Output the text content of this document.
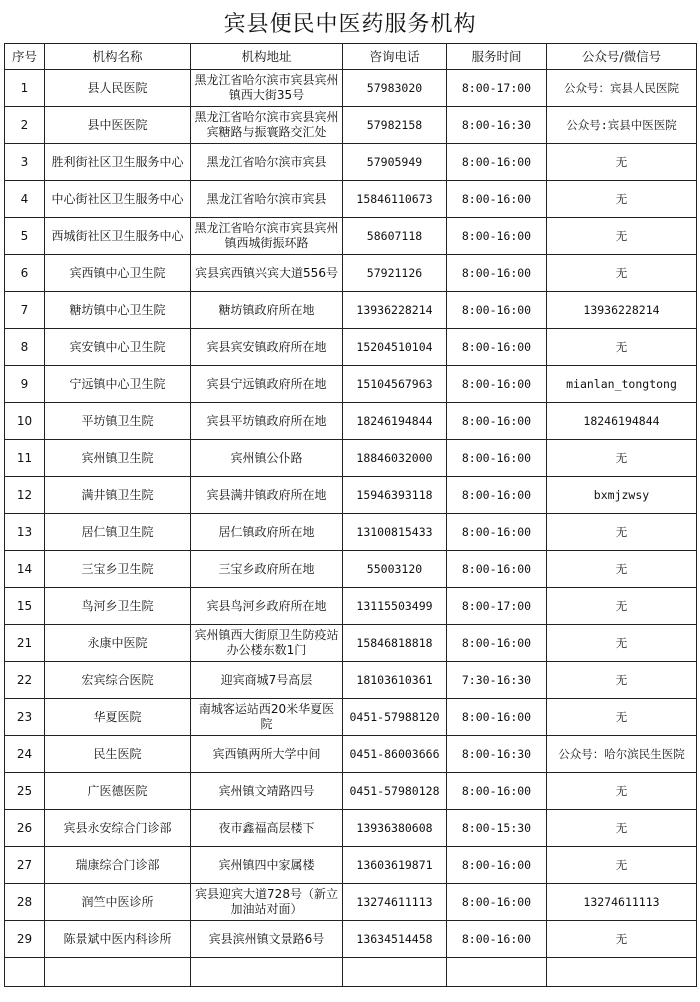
宾县便民中医药服务机构
序号	机构名称	机构地址	咨询电话	服务时间	公众号/微信号
1	县人民医院	黑龙江省哈尔滨市宾县宾州镇西大街35号	57983020	8:00-17:00	公众号：宾县人民医院
2	县中医医院	黑龙江省哈尔滨市宾县宾州宾糖路与振寰路交汇处	57982158	8:00-16:30	公众号:宾县中医医院
3	胜利街社区卫生服务中心	黑龙江省哈尔滨市宾县	57905949	8:00-16:00	无
4	中心街社区卫生服务中心	黑龙江省哈尔滨市宾县	15846110673	8:00-16:00	无
5	西城街社区卫生服务中心	黑龙江省哈尔滨市宾县宾州镇西城街振环路	58607118	8:00-16:00	无
6	宾西镇中心卫生院	宾县宾西镇兴宾大道556号	57921126	8:00-16:00	无
7	糖坊镇中心卫生院	糖坊镇政府所在地	13936228214	8:00-16:00	13936228214
8	宾安镇中心卫生院	宾县宾安镇政府所在地	15204510104	8:00-16:00	无
9	宁远镇中心卫生院	宾县宁远镇政府所在地	15104567963	8:00-16:00	mianlan_tongtong
10	平坊镇卫生院	宾县平坊镇政府所在地	18246194844	8:00-16:00	18246194844
11	宾州镇卫生院	宾州镇公仆路	18846032000	8:00-16:00	无
12	满井镇卫生院	宾县满井镇政府所在地	15946393118	8:00-16:00	bxmjzwsy
13	居仁镇卫生院	居仁镇政府所在地	13100815433	8:00-16:00	无
14	三宝乡卫生院	三宝乡政府所在地	55003120	8:00-16:00	无
15	鸟河乡卫生院	宾县鸟河乡政府所在地	13115503499	8:00-17:00	无
21	永康中医院	宾州镇西大街原卫生防疫站办公楼东数1门	15846818818	8:00-16:00	无
22	宏宾综合医院	迎宾商城7号高层	18103610361	7:30-16:30	无
23	华夏医院	南城客运站西20米华夏医院	0451-57988120	8:00-16:00	无
24	民生医院	宾西镇两所大学中间	0451-86003666	8:00-16:30	公众号：哈尔滨民生医院
25	广医德医院	宾州镇文靖路四号	0451-57980128	8:00-16:00	无
26	宾县永安综合门诊部	夜市鑫福高层楼下	13936380608	8:00-15:30	无
27	瑞康综合门诊部	宾州镇四中家属楼	13603619871	8:00-16:00	无
28	润竺中医诊所	宾县迎宾大道728号（新立加油站对面）	13274611113	8:00-16:00	13274611113
29	陈景斌中医内科诊所	宾县滨州镇文景路6号	13634514458	8:00-16:00	无
